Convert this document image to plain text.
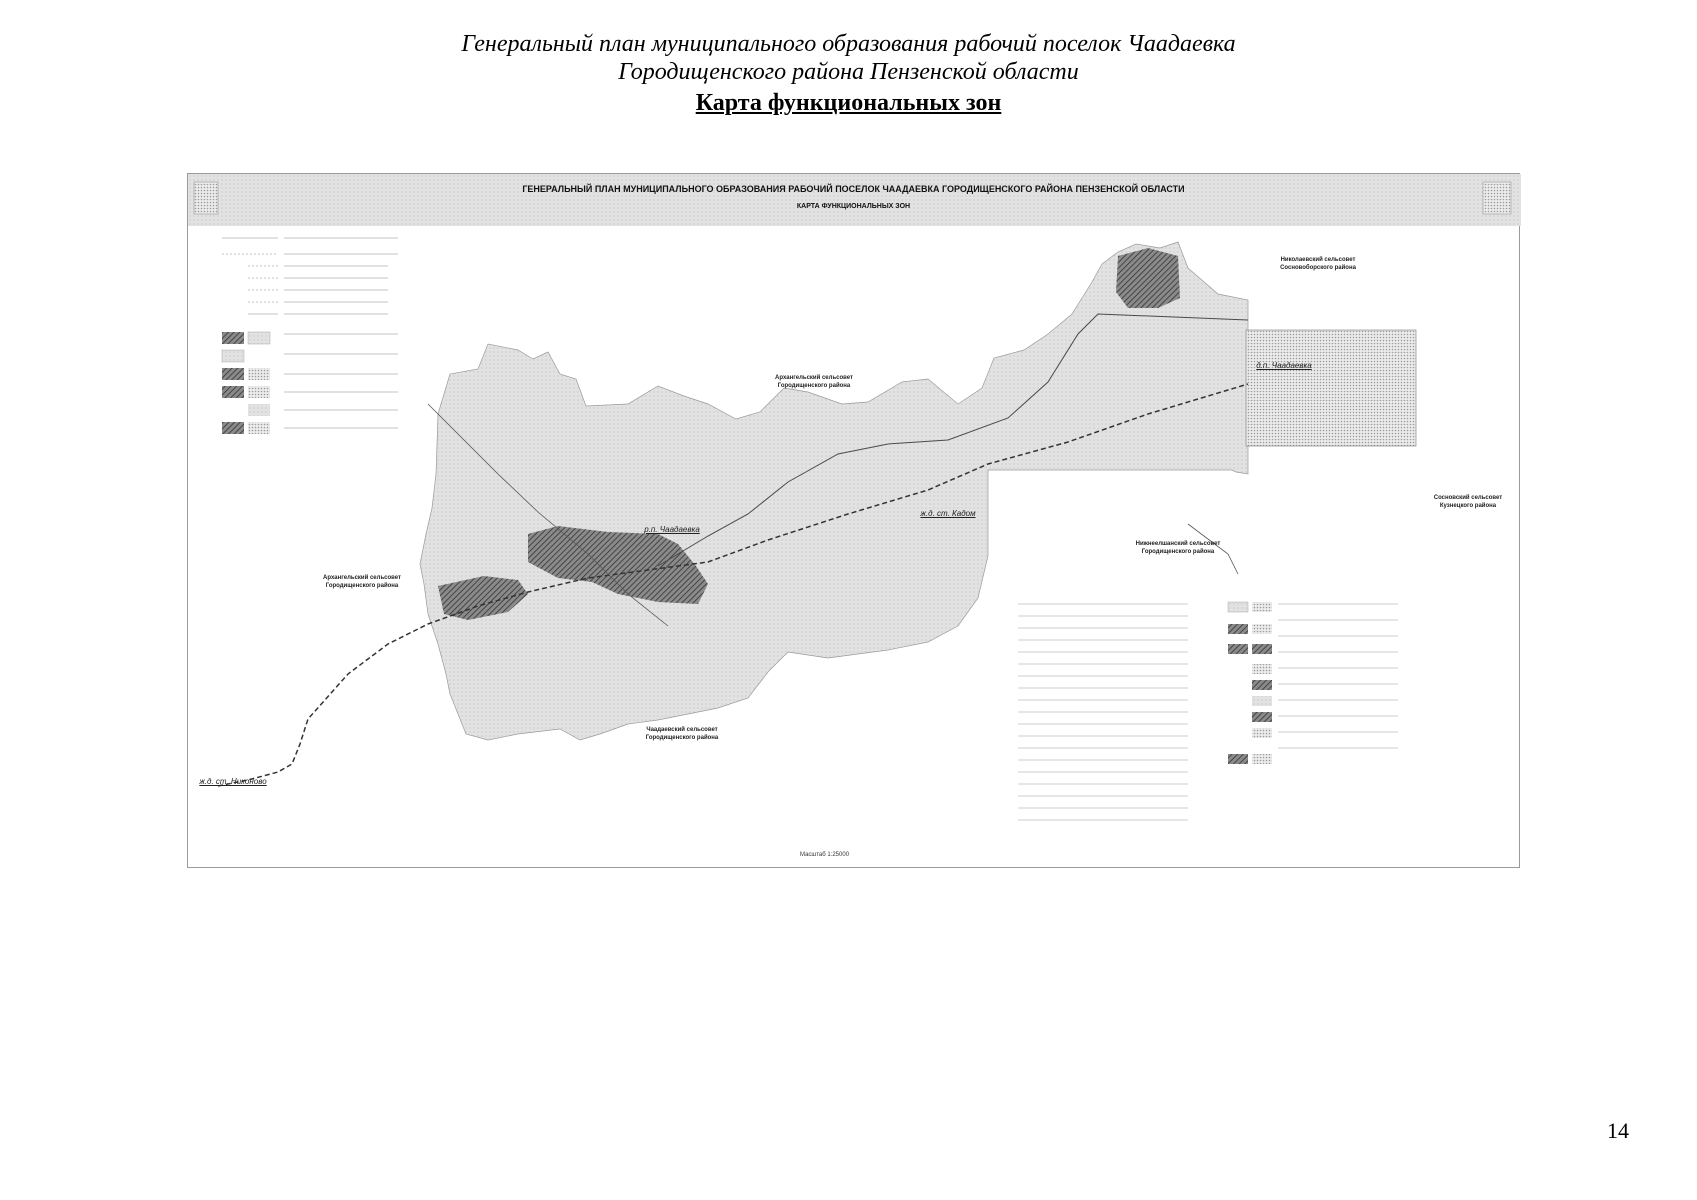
Генеральный план муниципального образования рабочий поселок Чаадаевка
Городищенского района Пензенской области
Карта функциональных зон
ГЕНЕРАЛЬНЫЙ ПЛАН МУНИЦИПАЛЬНОГО ОБРАЗОВАНИЯ РАБОЧИЙ ПОСЕЛОК ЧААДАЕВКА ГОРОДИЩЕНСКОГО РАЙОНА ПЕНЗЕНСКОЙ ОБЛАСТИ
КАРТА ФУНКЦИОНАЛЬНЫХ ЗОН
Николаевский сельсовет
Сосновоборского района
Архангельский сельсовет
Городищенского района
Архангельский сельсовет
Городищенского района
Нижнеелшанский сельсовет
Городищенского района
Чаадаевский сельсовет
Городищенского района
Сосновский сельсовет
Кузнецкого района
д.п. Чаадаевка
р.п. Чаадаевка
ж.д. ст. Кадом
ж.д. ст. Никоново
Масштаб 1:25000
14
